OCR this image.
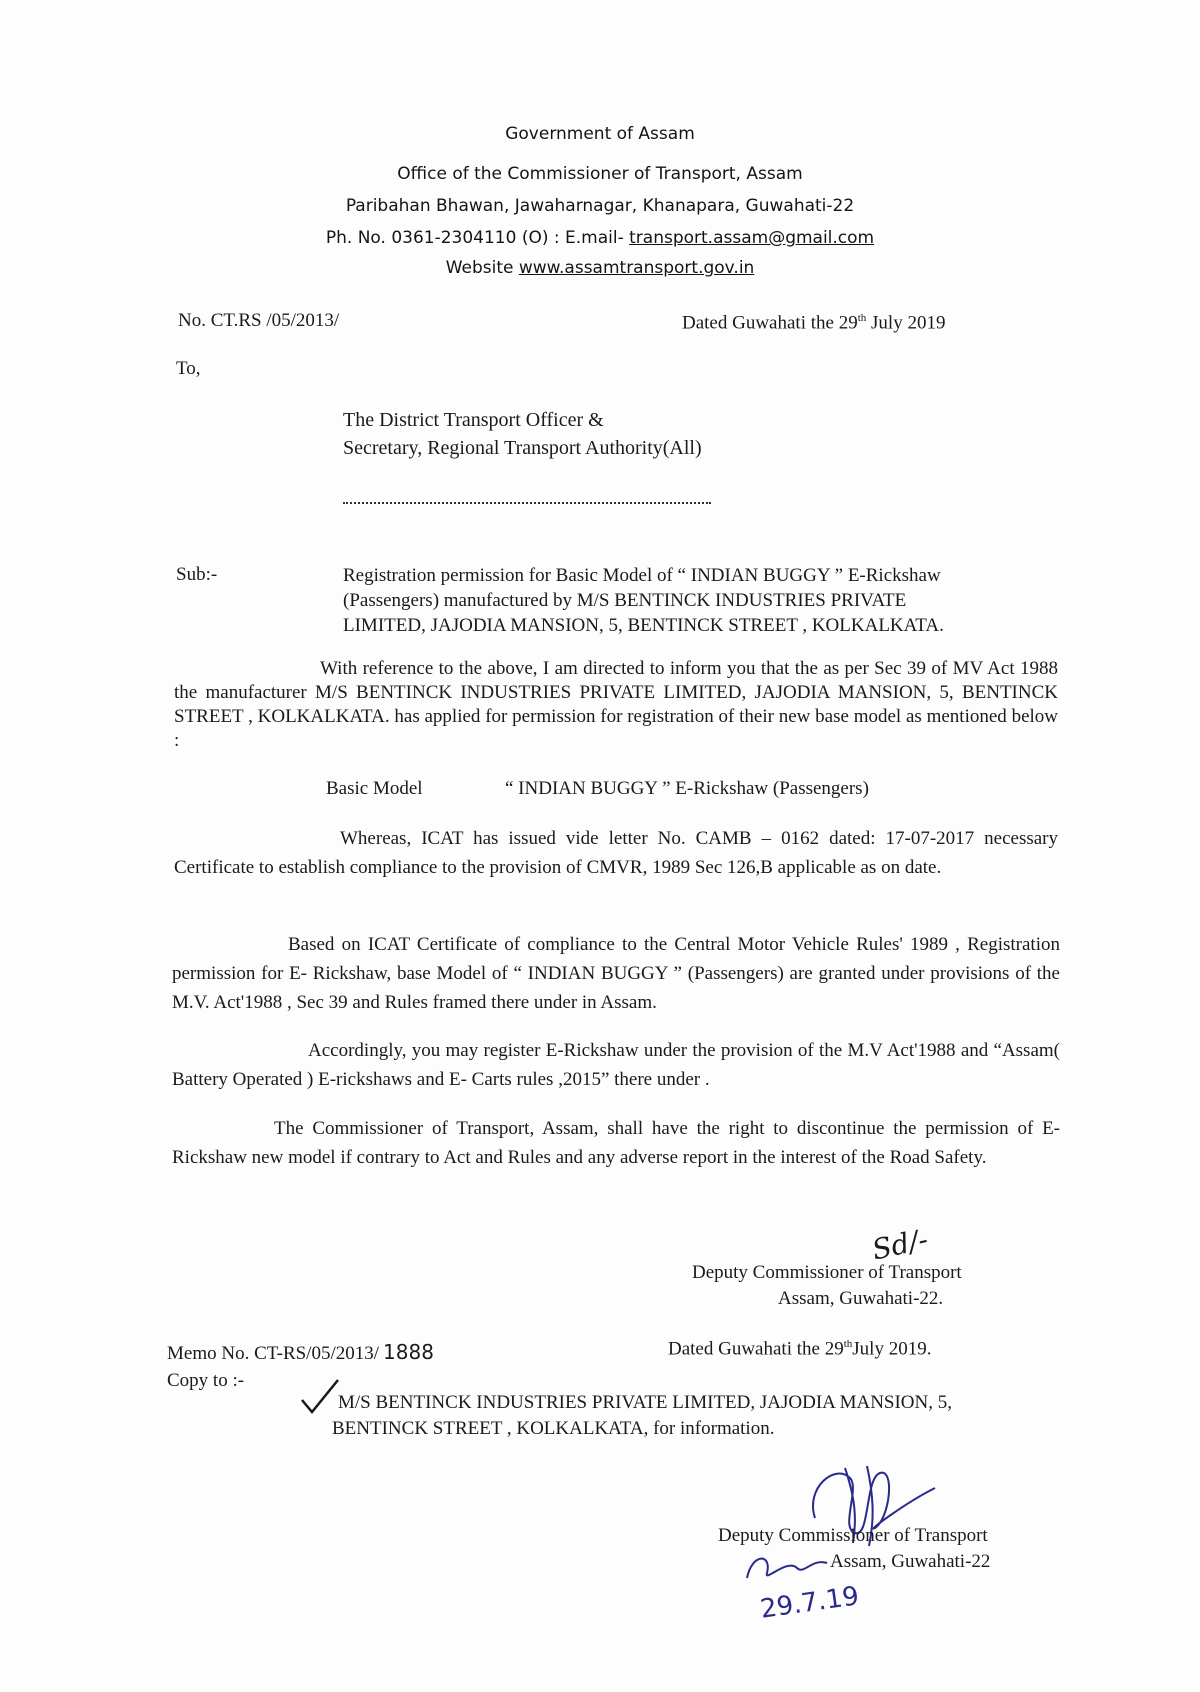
Government of Assam
Office of the Commissioner of Transport, Assam
Paribahan Bhawan, Jawaharnagar, Khanapara, Guwahati-22
Ph. No. 0361-2304110 (O) : E.mail- transport.assam@gmail.com
Website www.assamtransport.gov.in
No. CT.RS /05/2013/	Dated Guwahati the 29th July 2019
To,
The District Transport Officer &
Secretary, Regional Transport Authority(All)
Sub:-	Registration permission for Basic Model of “ INDIAN BUGGY ” E-Rickshaw
(Passengers) manufactured by M/S BENTINCK INDUSTRIES PRIVATE
LIMITED, JAJODIA MANSION, 5, BENTINCK STREET , KOLKALKATA.
With reference to the above, I am directed to inform you that the as per Sec 39 of MV Act 1988 the manufacturer M/S BENTINCK INDUSTRIES PRIVATE LIMITED, JAJODIA MANSION, 5, BENTINCK STREET , KOLKALKATA. has applied for permission for registration of their new base model as mentioned below :
Basic Model	“ INDIAN BUGGY ” E-Rickshaw (Passengers)
Whereas, ICAT has issued vide letter No. CAMB – 0162 dated: 17-07-2017 necessary Certificate to establish compliance to the provision of CMVR, 1989 Sec 126,B applicable as on date.
Based on ICAT Certificate of compliance to the Central Motor Vehicle Rules' 1989 , Registration permission for E- Rickshaw, base Model of “ INDIAN BUGGY ” (Passengers) are granted under provisions of the M.V. Act'1988 , Sec 39 and Rules framed there under in Assam.
Accordingly, you may register E-Rickshaw under the provision of the M.V Act'1988 and “Assam( Battery Operated ) E-rickshaws and E- Carts rules ,2015” there under .
The Commissioner of Transport, Assam, shall have the right to discontinue the permission of E-Rickshaw new model if contrary to Act and Rules and any adverse report in the interest of the Road Safety.
Sd/-
Deputy Commissioner of Transport
Assam, Guwahati-22.
Memo No. CT-RS/05/2013/ 1888	Dated Guwahati the 29thJuly 2019.
Copy to :-
M/S BENTINCK INDUSTRIES PRIVATE LIMITED, JAJODIA MANSION, 5,
BENTINCK STREET , KOLKALKATA, for information.
Deputy Commissioner of Transport
Assam, Guwahati-22
29.7.19
